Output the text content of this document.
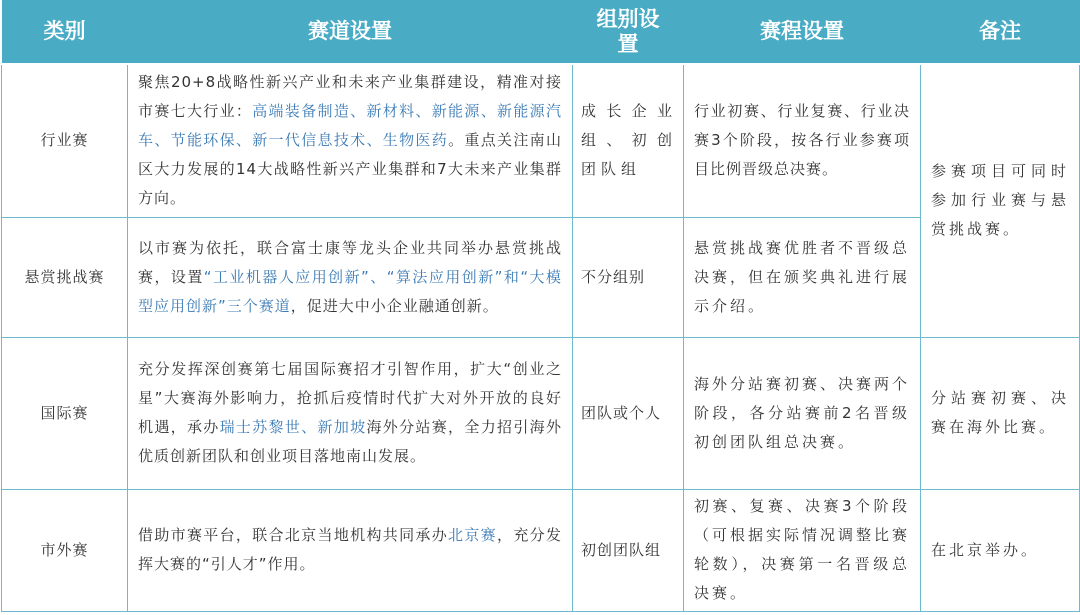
类别	赛道设置	组别设置	赛程设置	备注
行业赛	聚焦20+8战略性新兴产业和未来产业集群建设，精准对接市赛七大行业：高端装备制造、新材料、新能源、新能源汽车、节能环保、新一代信息技术、生物医药。重点关注南山区大力发展的14大战略性新兴产业集群和7大未来产业集群方向。	成长企业组、初创团队组	行业初赛、行业复赛、行业决赛3个阶段，按各行业参赛项目比例晋级总决赛。	参赛项目可同时参加行业赛与悬赏挑战赛。
悬赏挑战赛	以市赛为依托，联合富士康等龙头企业共同举办悬赏挑战赛，设置“工业机器人应用创新”、“算法应用创新”和“大模型应用创新”三个赛道，促进大中小企业融通创新。	不分组别	悬赏挑战赛优胜者不晋级总决赛，但在颁奖典礼进行展示介绍。	
国际赛	充分发挥深创赛第七届国际赛招才引智作用，扩大“创业之星”大赛海外影响力，抢抓后疫情时代扩大对外开放的良好机遇，承办瑞士苏黎世、新加坡海外分站赛，全力招引海外优质创新团队和创业项目落地南山发展。	团队或个人	海外分站赛初赛、决赛两个阶段，各分站赛前2名晋级初创团队组总决赛。	分站赛初赛、决赛在海外比赛。
市外赛	借助市赛平台，联合北京当地机构共同承办北京赛，充分发挥大赛的“引人才”作用。	初创团队组	初赛、复赛、决赛3个阶段（可根据实际情况调整比赛轮数），决赛第一名晋级总决赛。	在北京举办。
